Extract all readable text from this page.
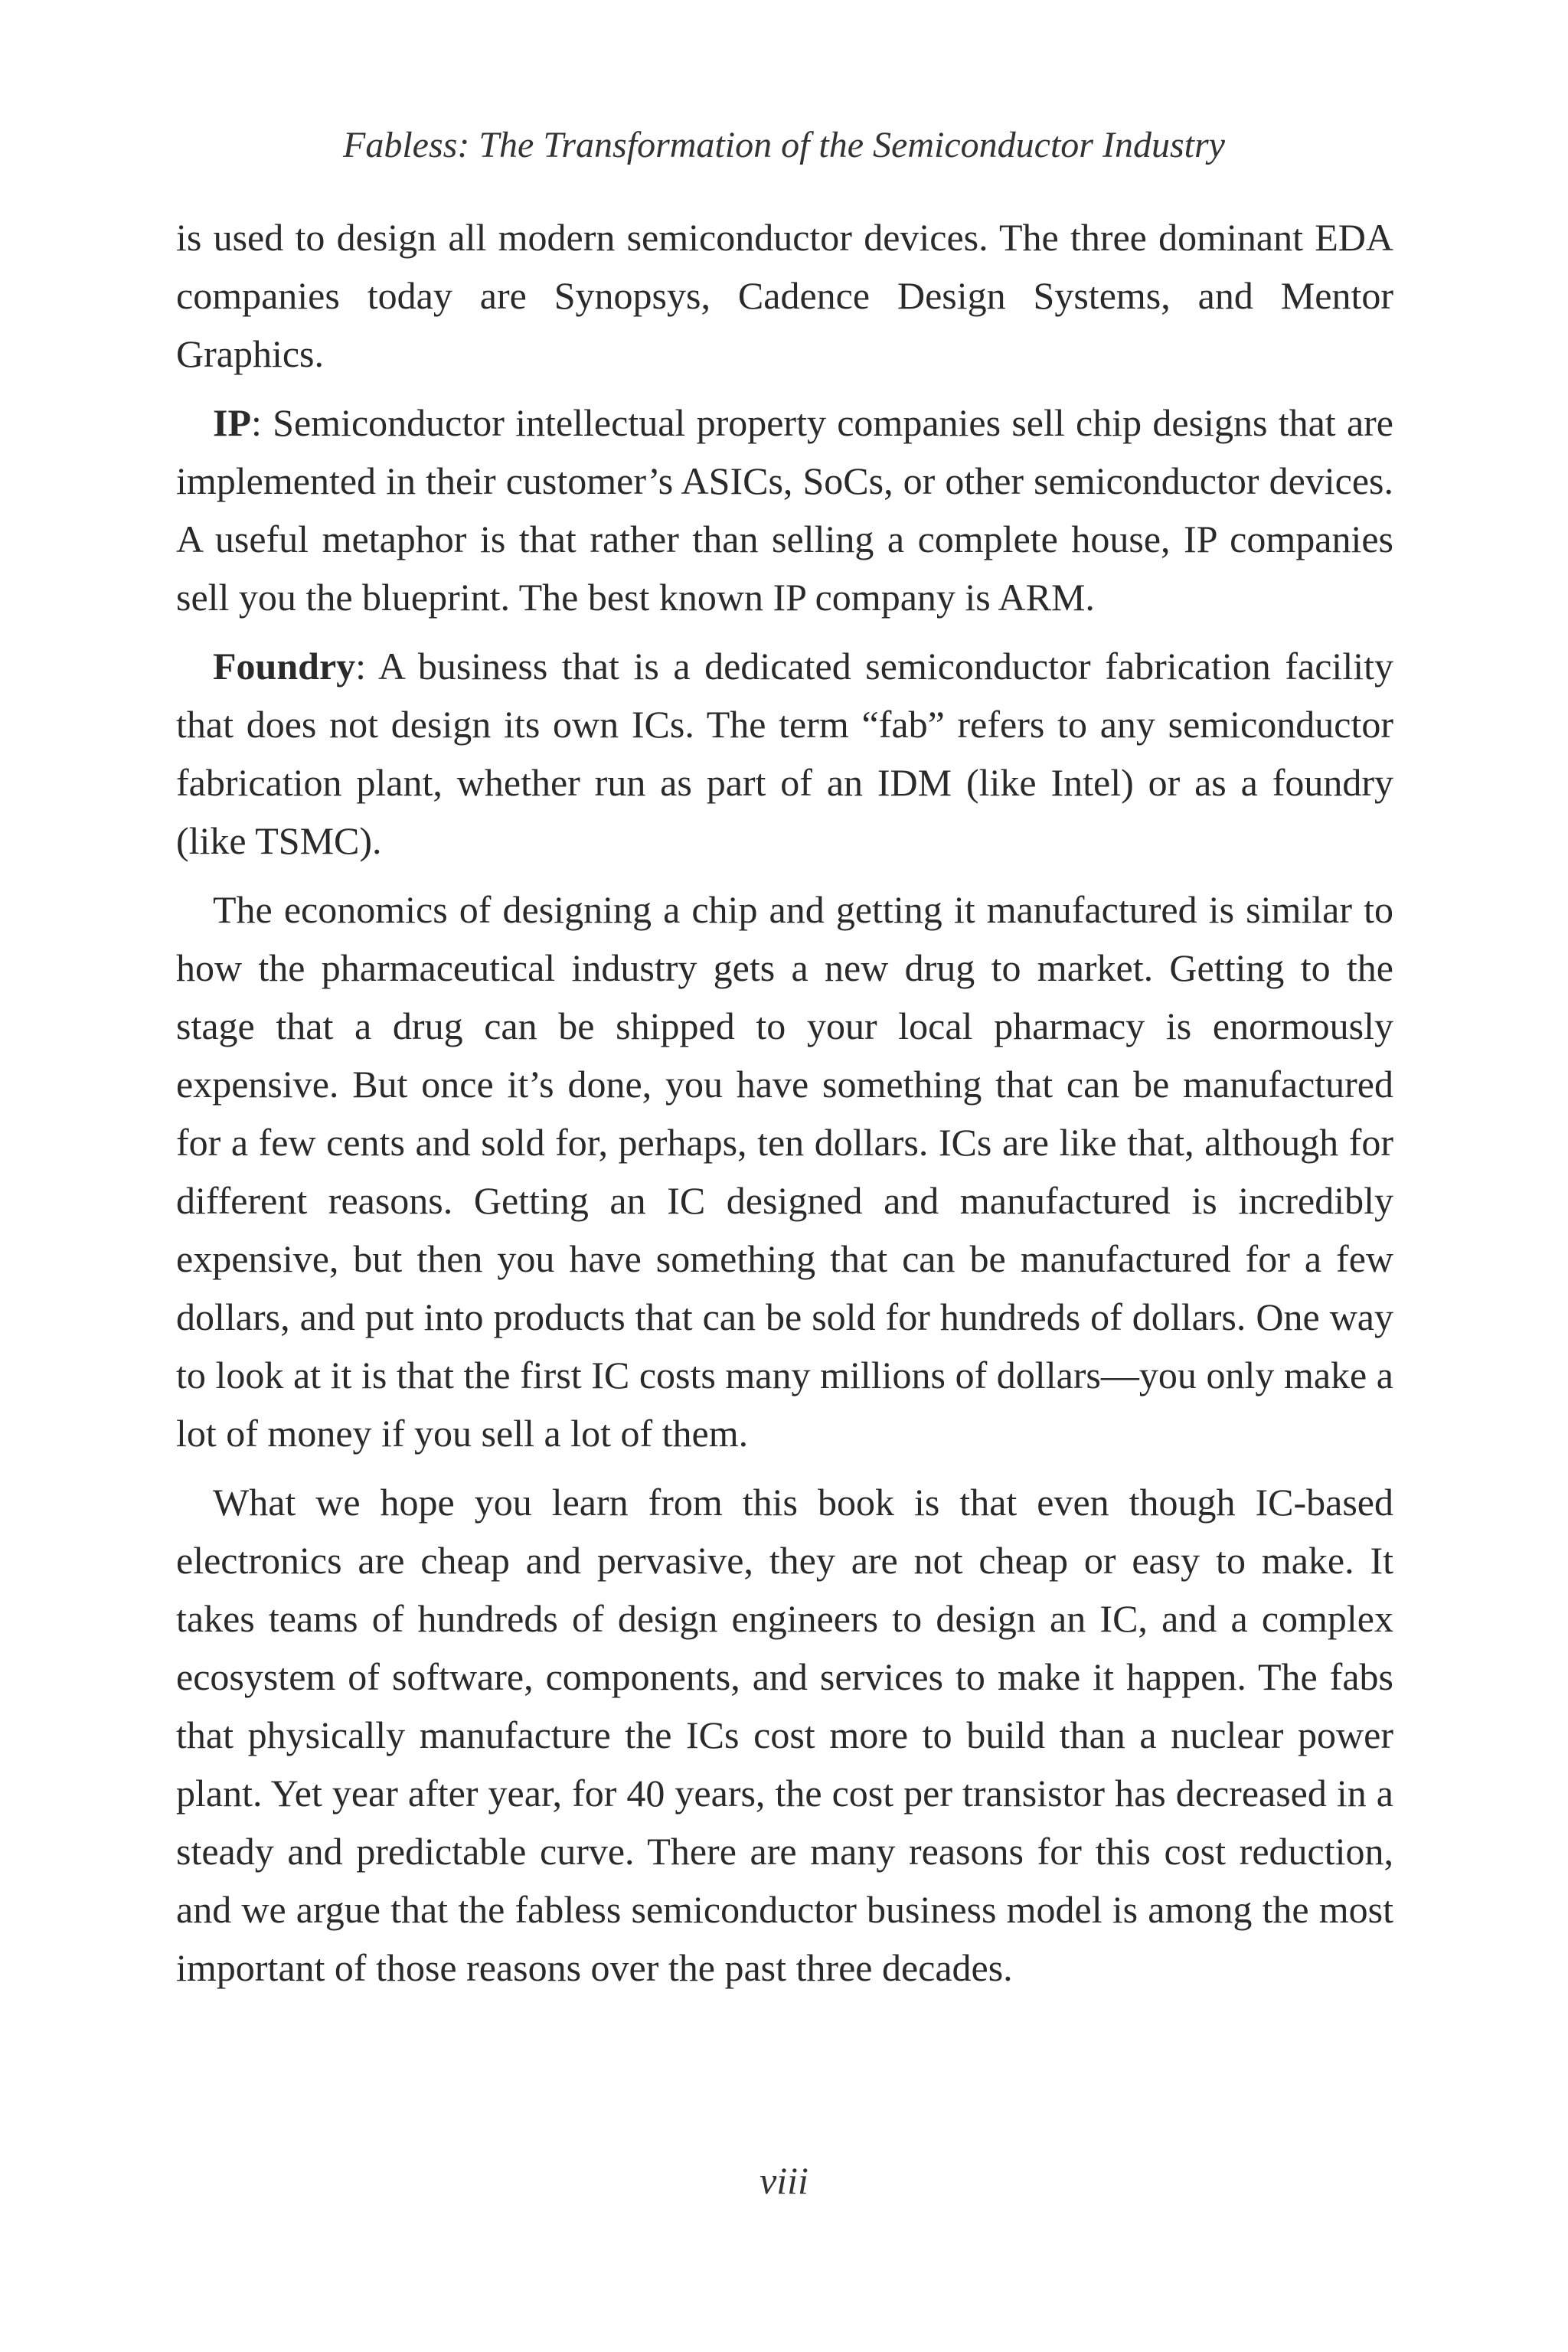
Fabless: The Transformation of the Semiconductor Industry

is used to design all modern semiconductor devices. The three dominant EDA companies today are Synopsys, Cadence Design Systems, and Mentor Graphics.

IP: Semiconductor intellectual property companies sell chip designs that are implemented in their customer’s ASICs, SoCs, or other semiconductor devices. A useful metaphor is that rather than selling a complete house, IP companies sell you the blueprint. The best known IP company is ARM.

Foundry: A business that is a dedicated semiconductor fabrication facility that does not design its own ICs. The term “fab” refers to any semiconductor fabrication plant, whether run as part of an IDM (like Intel) or as a foundry (like TSMC).

The economics of designing a chip and getting it manufactured is similar to how the pharmaceutical industry gets a new drug to market. Getting to the stage that a drug can be shipped to your local pharmacy is enormously expensive. But once it’s done, you have something that can be manufactured for a few cents and sold for, perhaps, ten dollars. ICs are like that, although for different reasons. Getting an IC designed and manufactured is incredibly expensive, but then you have something that can be manufactured for a few dollars, and put into products that can be sold for hundreds of dollars. One way to look at it is that the first IC costs many millions of dollars—you only make a lot of money if you sell a lot of them.

What we hope you learn from this book is that even though IC-based electronics are cheap and pervasive, they are not cheap or easy to make. It takes teams of hundreds of design engineers to design an IC, and a complex ecosystem of software, components, and services to make it happen. The fabs that physically manufacture the ICs cost more to build than a nuclear power plant. Yet year after year, for 40 years, the cost per transistor has decreased in a steady and predictable curve. There are many reasons for this cost reduction, and we argue that the fabless semiconductor business model is among the most important of those reasons over the past three decades.

viii
